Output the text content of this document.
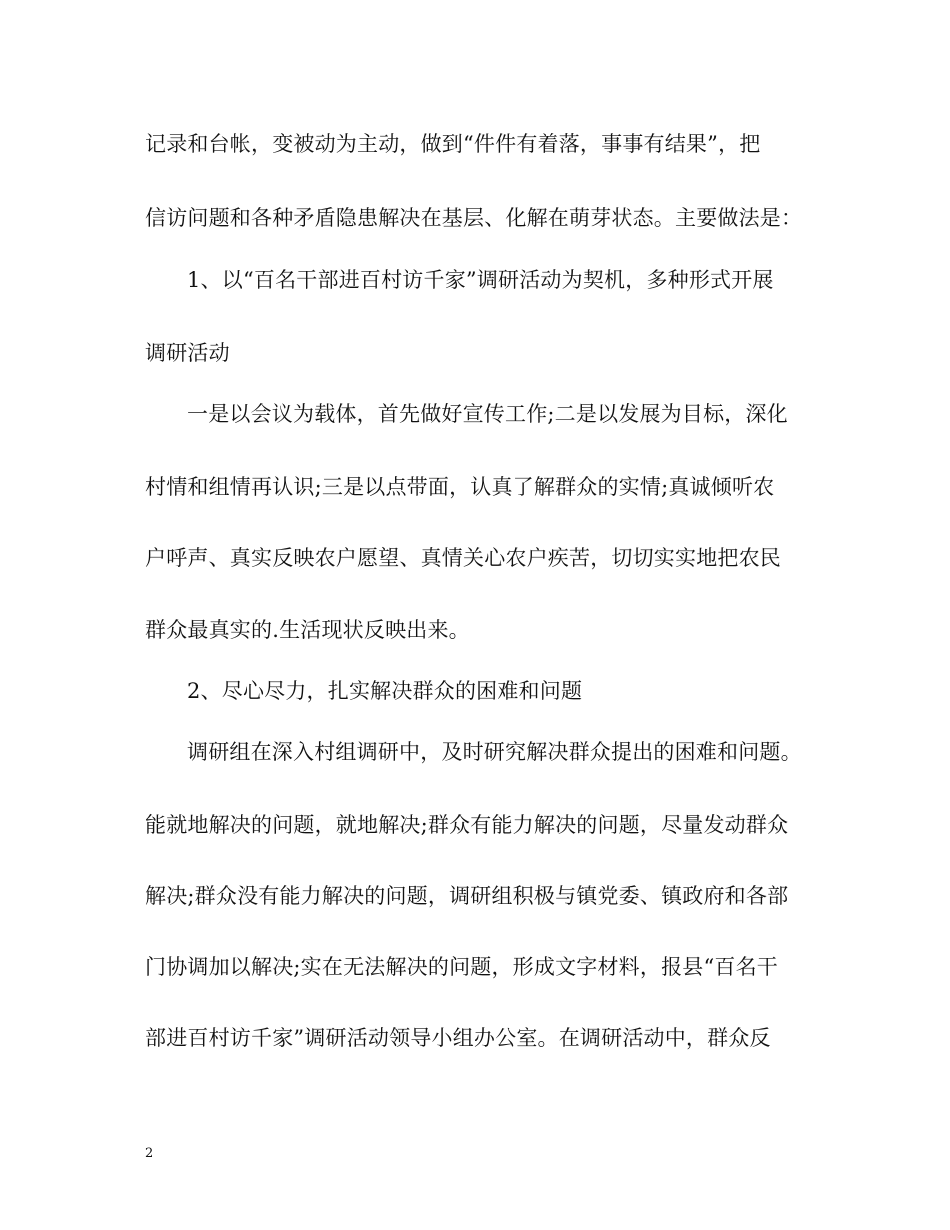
记录和台帐，变被动为主动，做到“件件有着落，事事有结果”，把
信访问题和各种矛盾隐患解决在基层、化解在萌芽状态。主要做法是：
1、以“百名干部进百村访千家”调研活动为契机，多种形式开展
调研活动
一是以会议为载体，首先做好宣传工作;二是以发展为目标，深化
村情和组情再认识;三是以点带面，认真了解群众的实情;真诚倾听农
户呼声、真实反映农户愿望、真情关心农户疾苦，切切实实地把农民
群众最真实的.生活现状反映出来。
2、尽心尽力，扎实解决群众的困难和问题
调研组在深入村组调研中，及时研究解决群众提出的困难和问题。
能就地解决的问题，就地解决;群众有能力解决的问题，尽量发动群众
解决;群众没有能力解决的问题，调研组积极与镇党委、镇政府和各部
门协调加以解决;实在无法解决的问题，形成文字材料，报县“百名干
部进百村访千家”调研活动领导小组办公室。在调研活动中，群众反
2
